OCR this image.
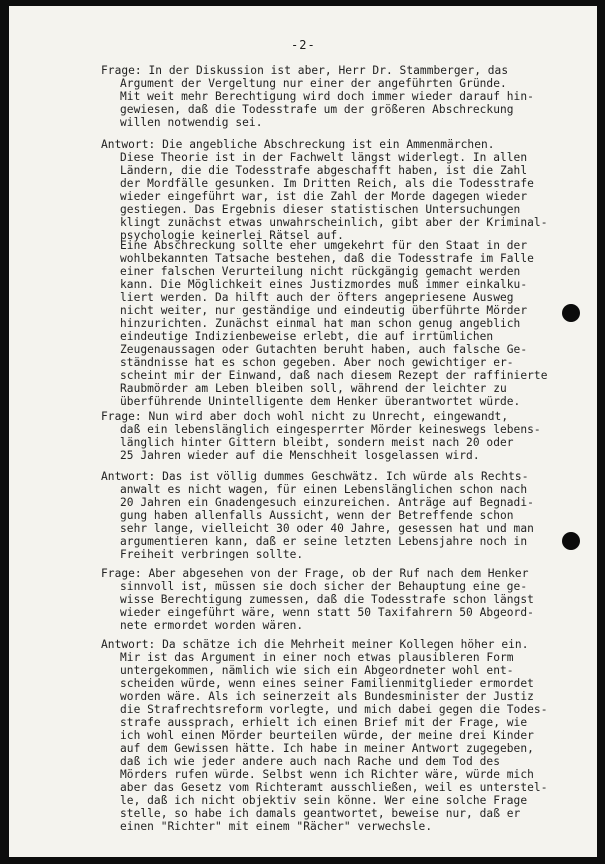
-2-
Frage: In der Diskussion ist aber, Herr Dr. Stammberger, das
Argument der Vergeltung nur einer der angeführten Gründe.
Mit weit mehr Berechtigung wird doch immer wieder darauf hin-
gewiesen, daß die Todesstrafe um der größeren Abschreckung
willen notwendig sei.
Antwort: Die angebliche Abschreckung ist ein Ammenmärchen.
Diese Theorie ist in der Fachwelt längst widerlegt. In allen
Ländern, die die Todesstrafe abgeschafft haben, ist die Zahl
der Mordfälle gesunken. Im Dritten Reich, als die Todesstrafe
wieder eingeführt war, ist die Zahl der Morde dagegen wieder
gestiegen. Das Ergebnis dieser statistischen Untersuchungen
klingt zunächst etwas unwahrscheinlich, gibt aber der Kriminal-
psychologie keinerlei Rätsel auf.
Eine Abschreckung sollte eher umgekehrt für den Staat in der
wohlbekannten Tatsache bestehen, daß die Todesstrafe im Falle
einer falschen Verurteilung nicht rückgängig gemacht werden
kann. Die Möglichkeit eines Justizmordes muß immer einkalku-
liert werden. Da hilft auch der öfters angepriesene Ausweg
nicht weiter, nur geständige und eindeutig überführte Mörder
hinzurichten. Zunächst einmal hat man schon genug angeblich
eindeutige Indizienbeweise erlebt, die auf irrtümlichen
Zeugenaussagen oder Gutachten beruht haben, auch falsche Ge-
ständnisse hat es schon gegeben. Aber noch gewichtiger er-
scheint mir der Einwand, daß nach diesem Rezept der raffinierte
Raubmörder am Leben bleiben soll, während der leichter zu
überführende Unintelligente dem Henker überantwortet würde.
Frage: Nun wird aber doch wohl nicht zu Unrecht, eingewandt,
daß ein lebenslänglich eingesperrter Mörder keineswegs lebens-
länglich hinter Gittern bleibt, sondern meist nach 20 oder
25 Jahren wieder auf die Menschheit losgelassen wird.
Antwort: Das ist völlig dummes Geschwätz. Ich würde als Rechts-
anwalt es nicht wagen, für einen Lebenslänglichen schon nach
20 Jahren ein Gnadengesuch einzureichen. Anträge auf Begnadi-
gung haben allenfalls Aussicht, wenn der Betreffende schon
sehr lange, vielleicht 30 oder 40 Jahre, gesessen hat und man
argumentieren kann, daß er seine letzten Lebensjahre noch in
Freiheit verbringen sollte.
Frage: Aber abgesehen von der Frage, ob der Ruf nach dem Henker
sinnvoll ist, müssen sie doch sicher der Behauptung eine ge-
wisse Berechtigung zumessen, daß die Todesstrafe schon längst
wieder eingeführt wäre, wenn statt 50 Taxifahrern 50 Abgeord-
nete ermordet worden wären.
Antwort: Da schätze ich die Mehrheit meiner Kollegen höher ein.
Mir ist das Argument in einer noch etwas plausibleren Form
untergekommen, nämlich wie sich ein Abgeordneter wohl ent-
scheiden würde, wenn eines seiner Familienmitglieder ermordet
worden wäre. Als ich seinerzeit als Bundesminister der Justiz
die Strafrechtsreform vorlegte, und mich dabei gegen die Todes-
strafe aussprach, erhielt ich einen Brief mit der Frage, wie
ich wohl einen Mörder beurteilen würde, der meine drei Kinder
auf dem Gewissen hätte. Ich habe in meiner Antwort zugegeben,
daß ich wie jeder andere auch nach Rache und dem Tod des
Mörders rufen würde. Selbst wenn ich Richter wäre, würde mich
aber das Gesetz vom Richteramt ausschließen, weil es unterstel-
le, daß ich nicht objektiv sein könne. Wer eine solche Frage
stelle, so habe ich damals geantwortet, beweise nur, daß er
einen "Richter" mit einem "Rächer" verwechsle.
